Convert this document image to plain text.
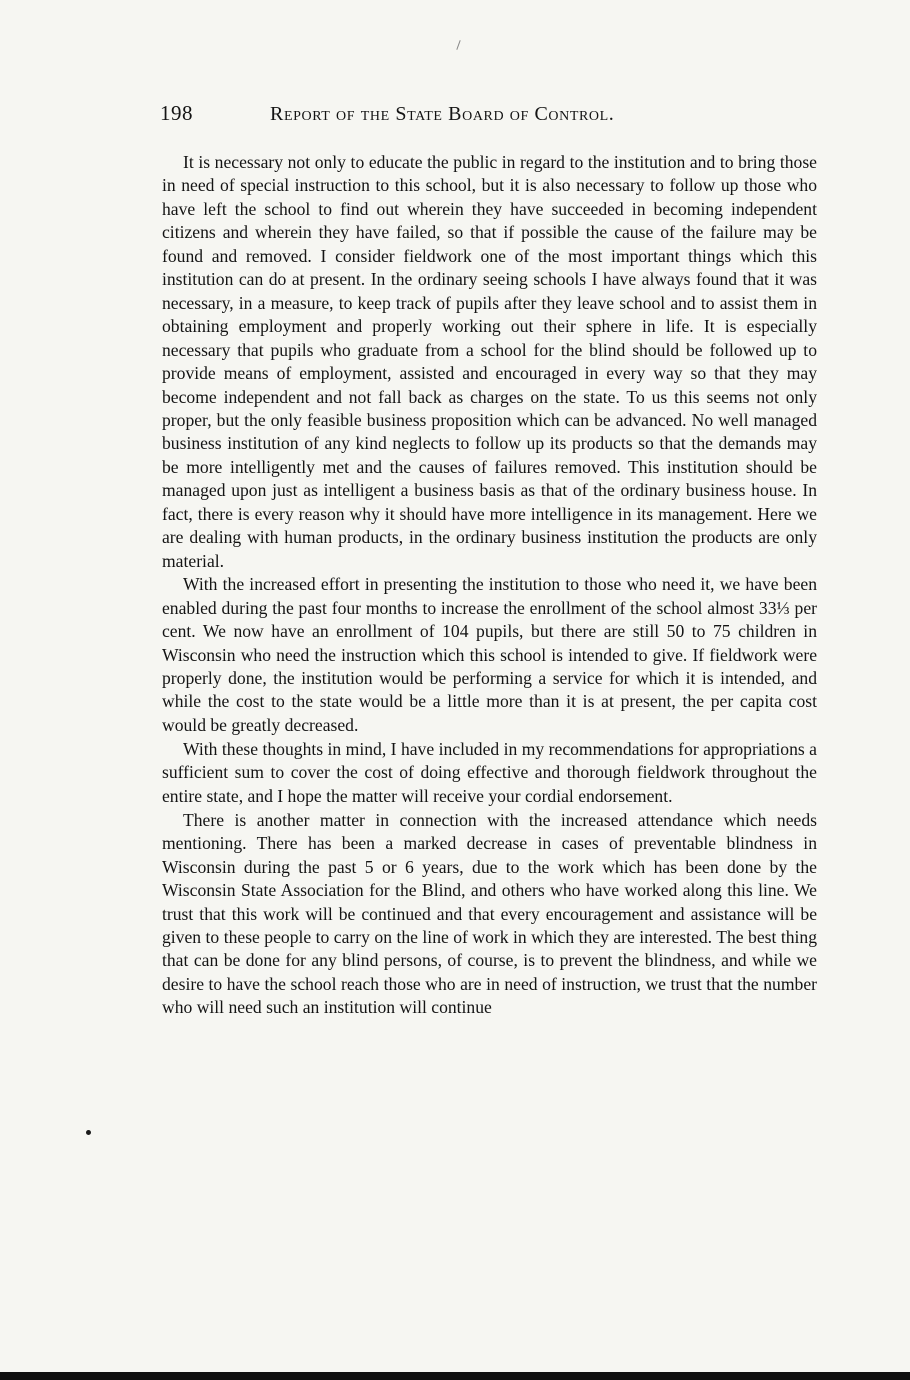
198	Report of the State Board of Control.

It is necessary not only to educate the public in regard to the institution and to bring those in need of special instruction to this school, but it is also necessary to follow up those who have left the school to find out wherein they have succeeded in becoming independent citizens and wherein they have failed, so that if possible the cause of the failure may be found and removed. I consider fieldwork one of the most important things which this institution can do at present. In the ordinary seeing schools I have always found that it was necessary, in a measure, to keep track of pupils after they leave school and to assist them in obtaining employment and properly working out their sphere in life. It is especially necessary that pupils who graduate from a school for the blind should be followed up to provide means of employment, assisted and encouraged in every way so that they may become independent and not fall back as charges on the state. To us this seems not only proper, but the only feasible business proposition which can be advanced. No well managed business institution of any kind neglects to follow up its products so that the demands may be more intelligently met and the causes of failures removed. This institution should be managed upon just as intelligent a business basis as that of the ordinary business house. In fact, there is every reason why it should have more intelligence in its management. Here we are dealing with human products, in the ordinary business institution the products are only material.

With the increased effort in presenting the institution to those who need it, we have been enabled during the past four months to increase the enrollment of the school almost 33⅓ per cent. We now have an enrollment of 104 pupils, but there are still 50 to 75 children in Wisconsin who need the instruction which this school is intended to give. If fieldwork were properly done, the institution would be performing a service for which it is intended, and while the cost to the state would be a little more than it is at present, the per capita cost would be greatly decreased.

With these thoughts in mind, I have included in my recommendations for appropriations a sufficient sum to cover the cost of doing effective and thorough fieldwork throughout the entire state, and I hope the matter will receive your cordial endorsement.

There is another matter in connection with the increased attendance which needs mentioning. There has been a marked decrease in cases of preventable blindness in Wisconsin during the past 5 or 6 years, due to the work which has been done by the Wisconsin State Association for the Blind, and others who have worked along this line. We trust that this work will be continued and that every encouragement and assistance will be given to these people to carry on the line of work in which they are interested. The best thing that can be done for any blind persons, of course, is to prevent the blindness, and while we desire to have the school reach those who are in need of instruction, we trust that the number who will need such an institution will continue
